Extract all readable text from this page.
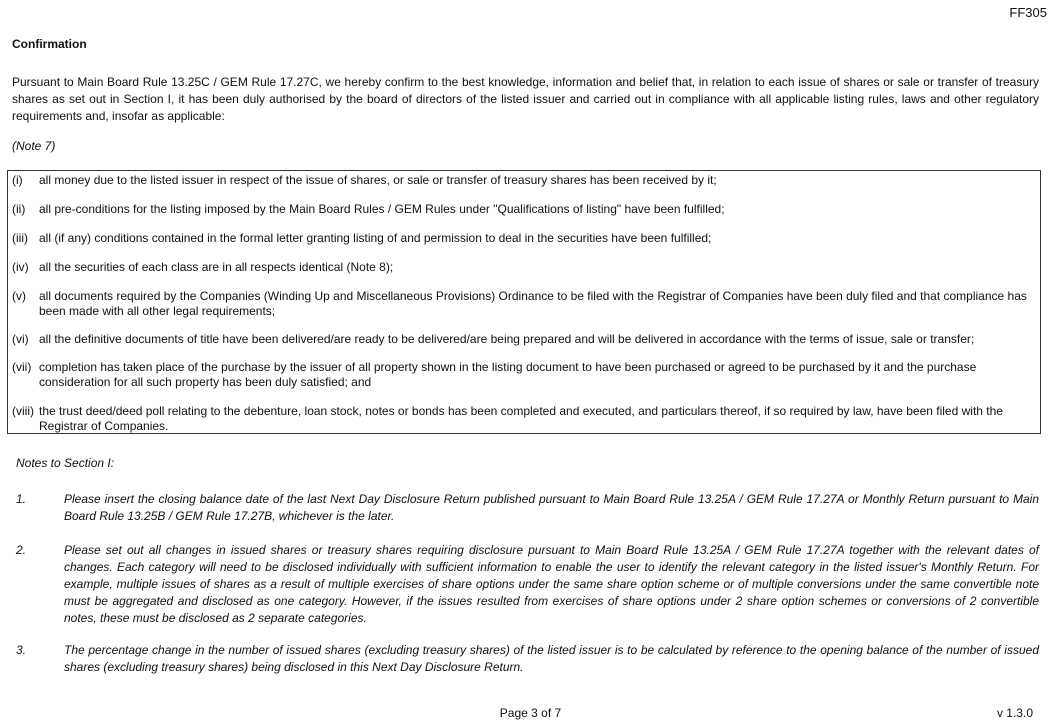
FF305
Confirmation

Pursuant to Main Board Rule 13.25C / GEM Rule 17.27C, we hereby confirm to the best knowledge, information and belief that, in relation to each issue of shares or sale or transfer of treasury shares as set out in Section I, it has been duly authorised by the board of directors of the listed issuer and carried out in compliance with all applicable listing rules, laws and other regulatory requirements and, insofar as applicable:

(Note 7)
(i)	all money due to the listed issuer in respect of the issue of shares, or sale or transfer of treasury shares has been received by it;
(ii)	all pre-conditions for the listing imposed by the Main Board Rules / GEM Rules under "Qualifications of listing" have been fulfilled;
(iii) all (if any) conditions contained in the formal letter granting listing of and permission to deal in the securities have been fulfilled;
(iv) all the securities of each class are in all respects identical (Note 8);
(v)	all documents required by the Companies (Winding Up and Miscellaneous Provisions) Ordinance to be filed with the Registrar of Companies have been duly filed and that compliance has been made with all other legal requirements;
(vi) all the definitive documents of title have been delivered/are ready to be delivered/are being prepared and will be delivered in accordance with the terms of issue, sale or transfer;
(vii) completion has taken place of the purchase by the issuer of all property shown in the listing document to have been purchased or agreed to be purchased by it and the purchase consideration for all such property has been duly satisfied; and
(viii) the trust deed/deed poll relating to the debenture, loan stock, notes or bonds has been completed and executed, and particulars thereof, if so required by law, have been filed with the Registrar of Companies.
Notes to Section I:
1.	Please insert the closing balance date of the last Next Day Disclosure Return published pursuant to Main Board Rule 13.25A / GEM Rule 17.27A or Monthly Return pursuant to Main Board Rule 13.25B / GEM Rule 17.27B, whichever is the later.
2.	Please set out all changes in issued shares or treasury shares requiring disclosure pursuant to Main Board Rule 13.25A / GEM Rule 17.27A together with the relevant dates of changes. Each category will need to be disclosed individually with sufficient information to enable the user to identify the relevant category in the listed issuer's Monthly Return. For example, multiple issues of shares as a result of multiple exercises of share options under the same share option scheme or of multiple conversions under the same convertible note must be aggregated and disclosed as one category. However, if the issues resulted from exercises of share options under 2 share option schemes or conversions of 2 convertible notes, these must be disclosed as 2 separate categories.
3.	The percentage change in the number of issued shares (excluding treasury shares) of the listed issuer is to be calculated by reference to the opening balance of the number of issued shares (excluding treasury shares) being disclosed in this Next Day Disclosure Return.
Page 3 of 7	v 1.3.0
